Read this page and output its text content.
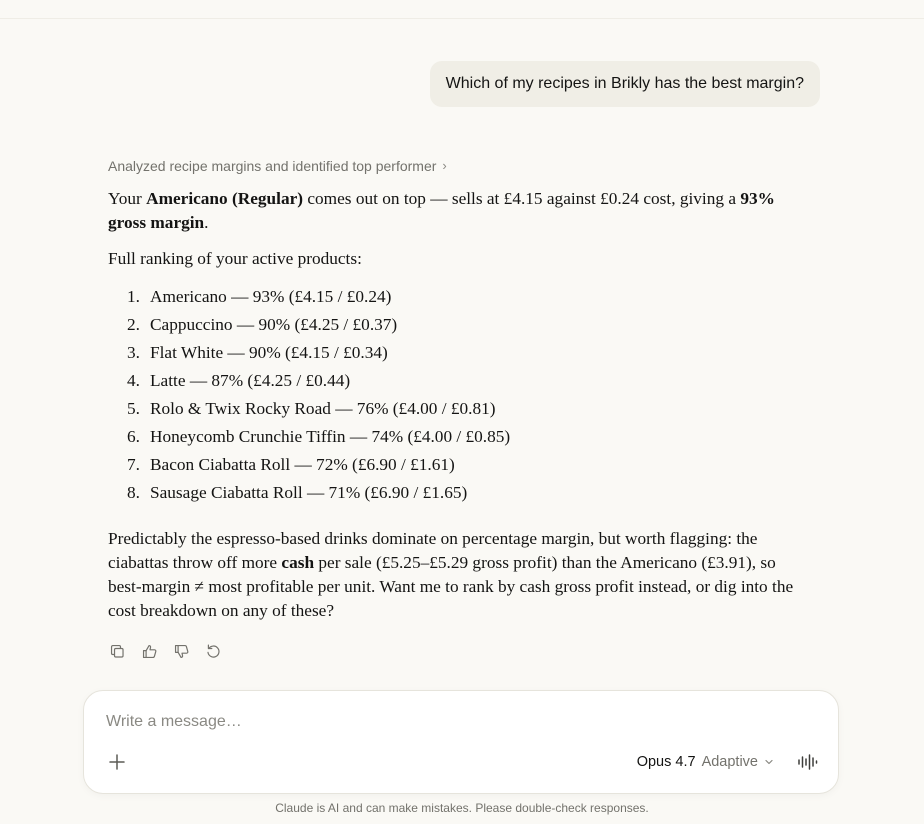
Which of my recipes in Brikly has the best margin?
Analyzed recipe margins and identified top performer ›

Your Americano (Regular) comes out on top — sells at £4.15 against £0.24 cost, giving a 93% gross margin.

Full ranking of your active products:

1. Americano — 93% (£4.15 / £0.24)
2. Cappuccino — 90% (£4.25 / £0.37)
3. Flat White — 90% (£4.15 / £0.34)
4. Latte — 87% (£4.25 / £0.44)
5. Rolo & Twix Rocky Road — 76% (£4.00 / £0.81)
6. Honeycomb Crunchie Tiffin — 74% (£4.00 / £0.85)
7. Bacon Ciabatta Roll — 72% (£6.90 / £1.61)
8. Sausage Ciabatta Roll — 71% (£6.90 / £1.65)

Predictably the espresso-based drinks dominate on percentage margin, but worth flagging: the ciabattas throw off more cash per sale (£5.25–£5.29 gross profit) than the Americano (£3.91), so best-margin ≠ most profitable per unit. Want me to rank by cash gross profit instead, or dig into the cost breakdown on any of these?

Write a message…
Opus 4.7 Adaptive
Claude is AI and can make mistakes. Please double-check responses.
